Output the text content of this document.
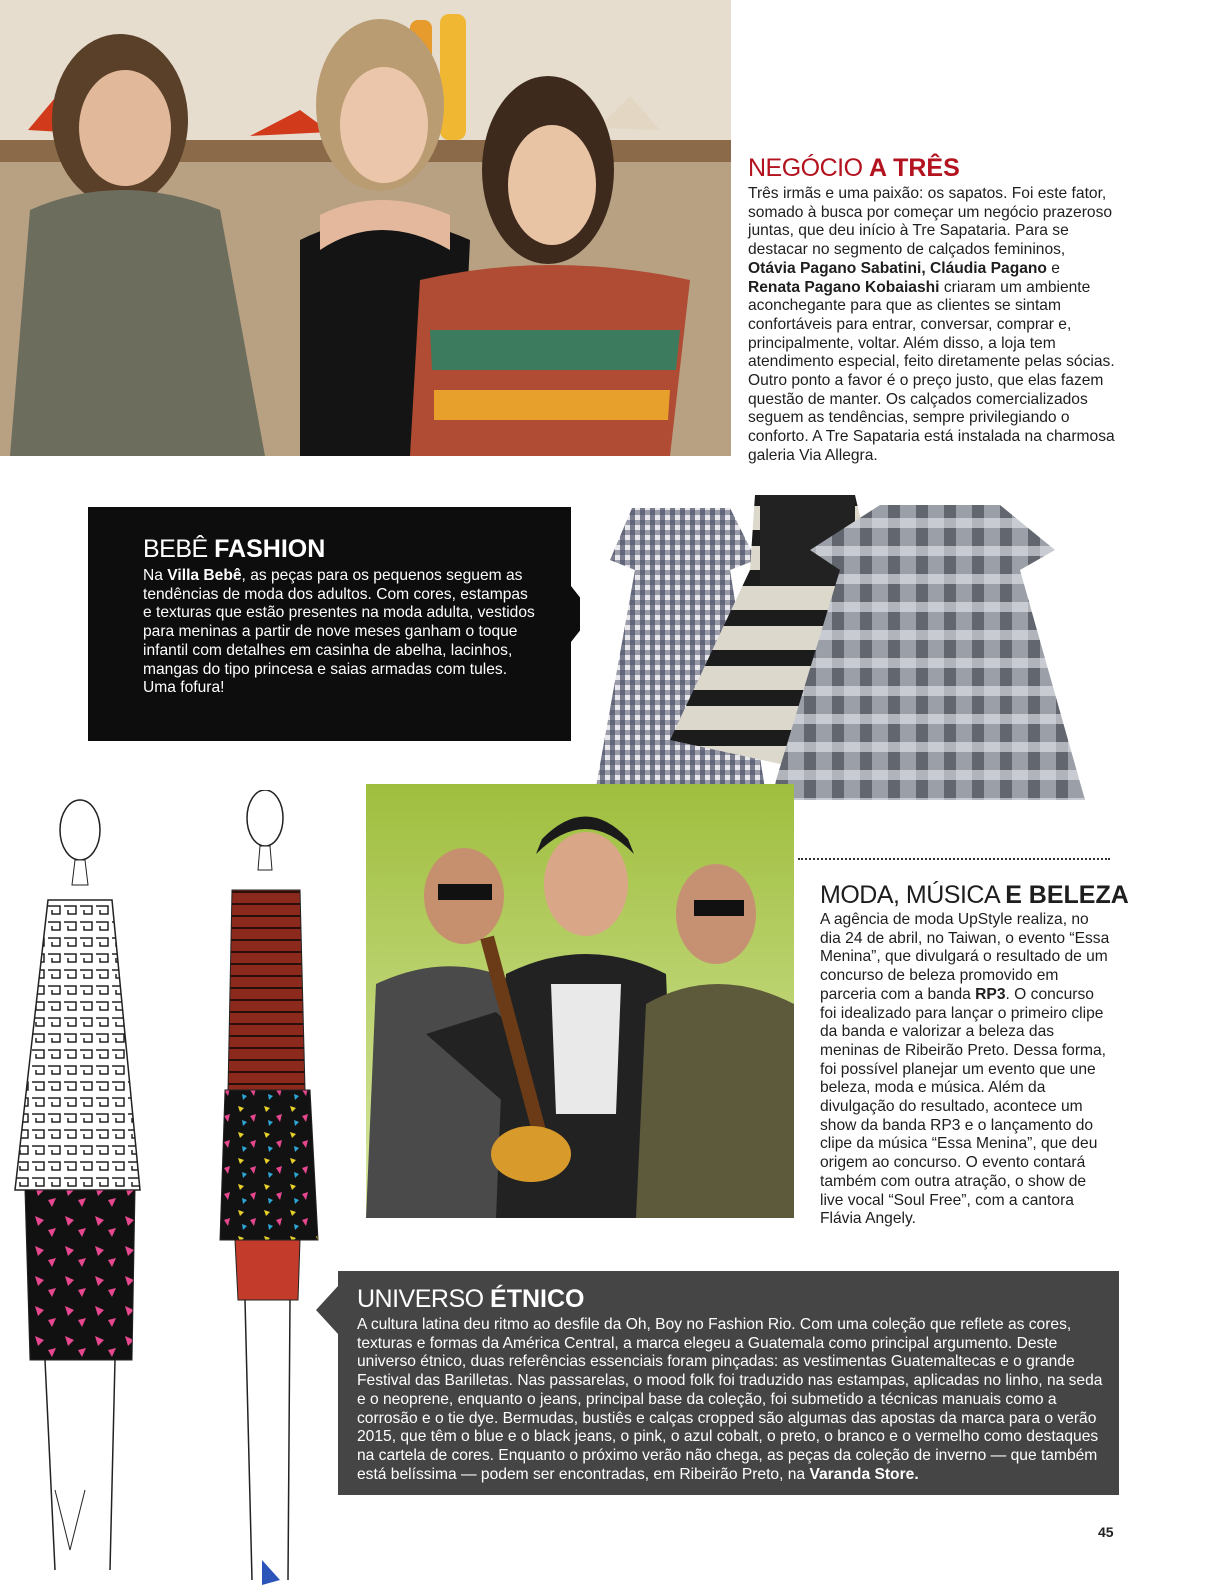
NEGÓCIO A TRÊS
Três irmãs e uma paixão: os sapatos. Foi este fator, somado à busca por começar um negócio prazeroso juntas, que deu início à Tre Sapataria. Para se destacar no segmento de calçados femininos, Otávia Pagano Sabatini, Cláudia Pagano e Renata Pagano Kobaiashi criaram um ambiente aconchegante para que as clientes se sintam confortáveis para entrar, conversar, comprar e, principalmente, voltar. Além disso, a loja tem atendimento especial, feito diretamente pelas sócias. Outro ponto a favor é o preço justo, que elas fazem questão de manter. Os calçados comercializados seguem as tendências, sempre privilegiando o conforto. A Tre Sapataria está instalada na charmosa galeria Via Allegra.
BEBÊ FASHION
Na Villa Bebê, as peças para os pequenos seguem as tendências de moda dos adultos. Com cores, estampas e texturas que estão presentes na moda adulta, vestidos para meninas a partir de nove meses ganham o toque infantil com detalhes em casinha de abelha, lacinhos, mangas do tipo princesa e saias armadas com tules. Uma fofura!
MODA, MÚSICA E BELEZA
A agência de moda UpStyle realiza, no dia 24 de abril, no Taiwan, o evento “Essa Menina”, que divulgará o resultado de um concurso de beleza promovido em parceria com a banda RP3. O concurso foi idealizado para lançar o primeiro clipe da banda e valorizar a beleza das meninas de Ribeirão Preto. Dessa forma, foi possível planejar um evento que une beleza, moda e música. Além da divulgação do resultado, acontece um show da banda RP3 e o lançamento do clipe da música “Essa Menina”, que deu origem ao concurso. O evento contará também com outra atração, o show de live vocal “Soul Free”, com a cantora Flávia Angely.
UNIVERSO ÉTNICO
A cultura latina deu ritmo ao desfile da Oh, Boy no Fashion Rio. Com uma coleção que reflete as cores, texturas e formas da América Central, a marca elegeu a Guatemala como principal argumento. Deste universo étnico, duas referências essenciais foram pinçadas: as vestimentas Guatemaltecas e o grande Festival das Barilletas. Nas passarelas, o mood folk foi traduzido nas estampas, aplicadas no linho, na seda e o neoprene, enquanto o jeans, principal base da coleção, foi submetido a técnicas manuais como a corrosão e o tie dye. Bermudas, bustiês e calças cropped são algumas das apostas da marca para o verão 2015, que têm o blue e o black jeans, o pink, o azul cobalt, o preto, o branco e o vermelho como destaques na cartela de cores. Enquanto o próximo verão não chega, as peças da coleção de inverno — que também está belíssima — podem ser encontradas, em Ribeirão Preto, na Varanda Store.
45
